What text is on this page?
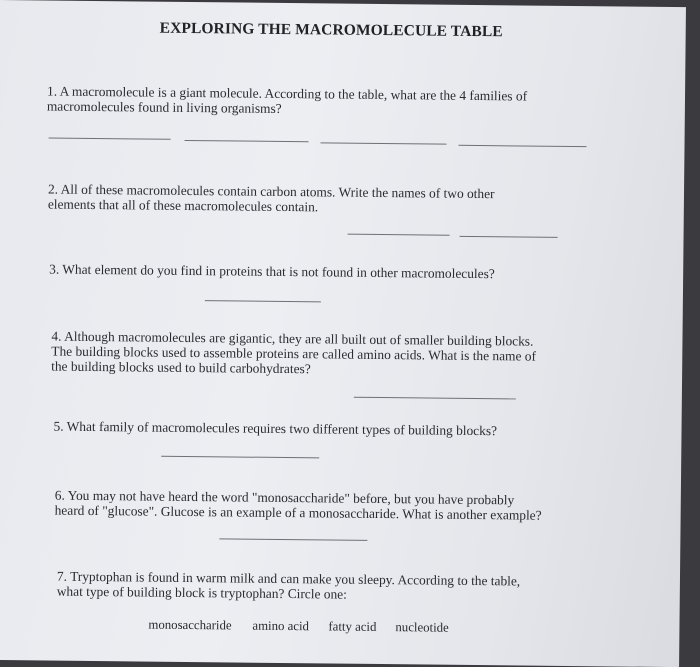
EXPLORING THE MACROMOLECULE TABLE
1. A macromolecule is a giant molecule. According to the table, what are the 4 families of
macromolecules found in living organisms?
2. All of these macromolecules contain carbon atoms. Write the names of two other
elements that all of these macromolecules contain.
3. What element do you find in proteins that is not found in other macromolecules?
4. Although macromolecules are gigantic, they are all built out of smaller building blocks.
The building blocks used to assemble proteins are called amino acids. What is the name of
the building blocks used to build carbohydrates?
5. What family of macromolecules requires two different types of building blocks?
6. You may not have heard the word "monosaccharide" before, but you have probably
heard of "glucose". Glucose is an example of a monosaccharide. What is another example?
7. Tryptophan is found in warm milk and can make you sleepy. According to the table,
what type of building block is tryptophan? Circle one:
monosaccharide amino acid fatty acid nucleotide
